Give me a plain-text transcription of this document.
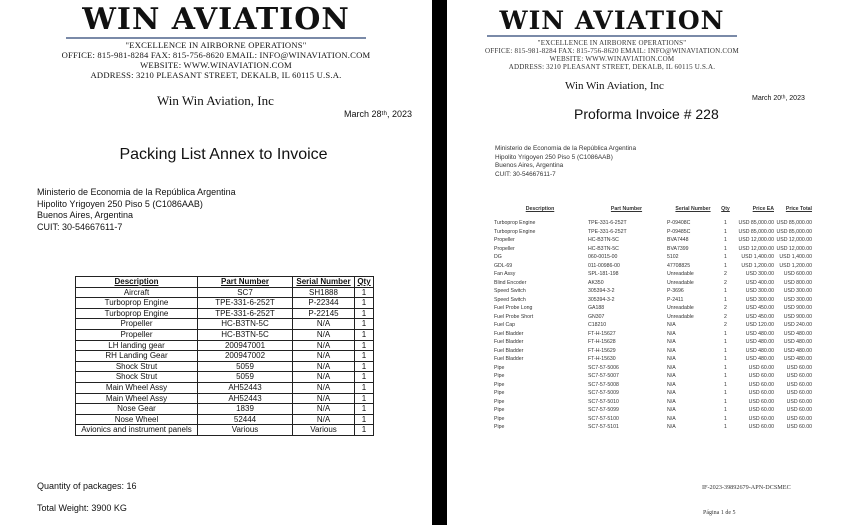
WIN AVIATION
"EXCELLENCE IN AIRBORNE OPERATIONS"
OFFICE: 815-981-8284 FAX: 815-756-8620 EMAIL: INFO@WINAVIATION.COM
WEBSITE: WWW.WINAVIATION.COM
ADDRESS: 3210 PLEASANT STREET, DEKALB, IL 60115 U.S.A.
Win Win Aviation, Inc
March 28ᵗʰ, 2023
Packing List Annex to Invoice
Ministerio de Economia de la República Argentina
Hipolito Yrigoyen 250 Piso 5 (C1086AAB)
Buenos Aires, Argentina
CUIT: 30-54667611-7
Description	Part Number	Serial Number	Qty
Aircraft	SC7	SH1888	1
Turboprop Engine	TPE-331-6-252T	P-22344	1
Turboprop Engine	TPE-331-6-252T	P-22145	1
Propeller	HC-B3TN-5C	N/A	1
Propeller	HC-B3TN-5C	N/A	1
LH landing gear	200947001	N/A	1
RH Landing Gear	200947002	N/A	1
Shock Strut	5059	N/A	1
Shock Strut	5059	N/A	1
Main Wheel Assy	AH52443	N/A	1
Main Wheel Assy	AH52443	N/A	1
Nose Gear	1839	N/A	1
Nose Wheel	52444	N/A	1
Avionics and instrument panels	Various	Various	1
Quantity of packages: 16
Total Weight: 3900 KG
WIN AVIATION
"EXCELLENCE IN AIRBORNE OPERATIONS"
OFFICE: 815-981-8284 FAX: 815-756-8620 EMAIL: INFO@WINAVIATION.COM
WEBSITE: WWW.WINAVIATION.COM
ADDRESS: 3210 PLEASANT STREET, DEKALB, IL 60115 U.S.A.
Win Win Aviation, Inc
March 20ᵗʰ, 2023
Proforma Invoice # 228
Ministerio de Economia de la República Argentina
Hipolito Yrigoyen 250 Piso 5 (C1086AAB)
Buenos Aires, Argentina
CUIT: 30-54667611-7
Description	Part Number	Serial Number	Qty	Price EA	Price Total
Turboprop Engine	TPE-331-6-252T	P-09408C	1	USD 85,000.00	USD 85,000.00
Turboprop Engine	TPE-331-6-252T	P-09485C	1	USD 85,000.00	USD 85,000.00
Propeller	HC-B3TN-5C	BVA7448	1	USD 12,000.00	USD 12,000.00
Propeller	HC-B3TN-5C	BVA7399	1	USD 12,000.00	USD 12,000.00
DG	060-0015-00	5102	1	USD 1,400.00	USD 1,400.00
GDL-69	011-00986-00	47708825	1	USD 1,200.00	USD 1,200.00
Fan Assy	SPL-181-198	Unreadable	2	USD 300.00	USD 600.00
Blind Encoder	AK350	Unreadable	2	USD 400.00	USD 800.00
Speed Switch	305394-3-2	P-3696	1	USD 300.00	USD 300.00
Speed Switch	305394-3-2	P-2411	1	USD 300.00	USD 300.00
Fuel Probe Long	GA188	Unreadable	2	USD 450.00	USD 900.00
Fuel Probe Short	GN307	Unreadable	2	USD 450.00	USD 900.00
Fuel Cap	C18210	N/A	2	USD 120.00	USD 240.00
Fuel Bladder	FT-H-15627	N/A	1	USD 480.00	USD 480.00
Fuel Bladder	FT-H-15628	N/A	1	USD 480.00	USD 480.00
Fuel Bladder	FT-H-15629	N/A	1	USD 480.00	USD 480.00
Fuel Bladder	FT-H-15630	N/A	1	USD 480.00	USD 480.00
Pipe	SC7-57-5006	N/A	1	USD 60.00	USD 60.00
Pipe	SC7-57-5007	N/A	1	USD 60.00	USD 60.00
Pipe	SC7-57-5008	N/A	1	USD 60.00	USD 60.00
Pipe	SC7-57-5009	N/A	1	USD 60.00	USD 60.00
Pipe	SC7-57-5010	N/A	1	USD 60.00	USD 60.00
Pipe	SC7-57-5099	N/A	1	USD 60.00	USD 60.00
Pipe	SC7-57-5100	N/A	1	USD 60.00	USD 60.00
Pipe	SC7-57-5101	N/A	1	USD 60.00	USD 60.00
IF-2023-39892679-APN-DCSMEC
Página 1 de 5
